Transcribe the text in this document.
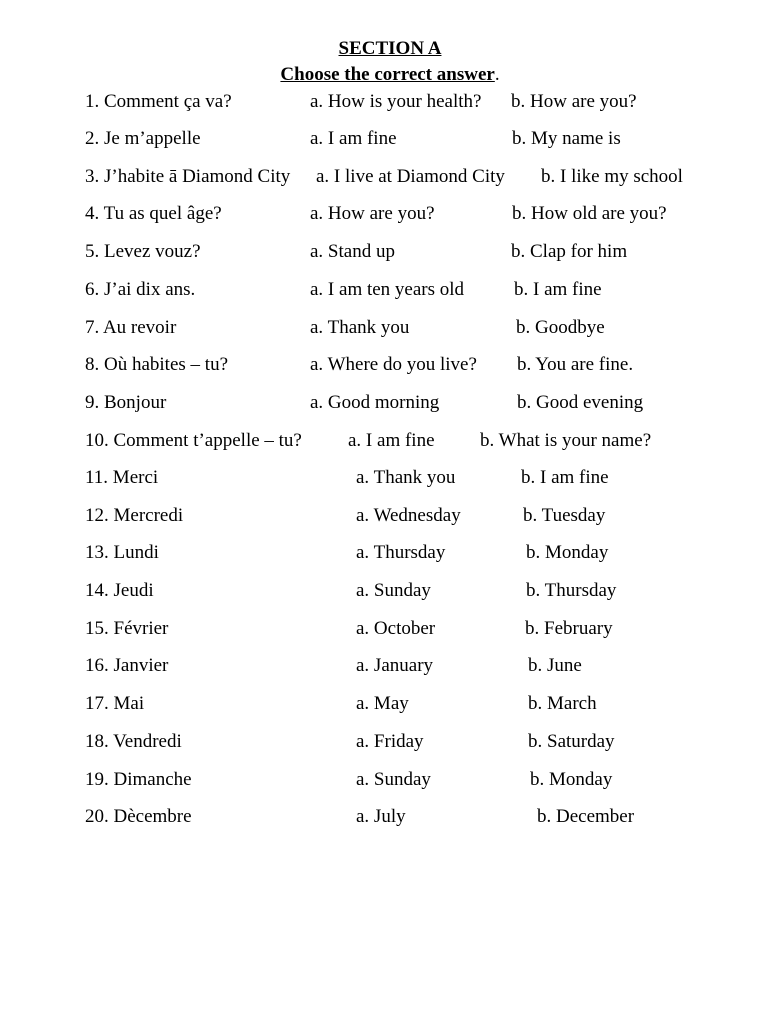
SECTION A
Choose the correct answer.
1. Comment ça va?	a. How is your health? b. How are you?
2. Je m’appelle	a. I am fine	b. My name is
3. J’habite ā Diamond City a. I live at Diamond City b. I like my school
4. Tu as quel âge?	a. How are you?	b. How old are you?
5. Levez vouz?	a. Stand up	b. Clap for him
6. J’ai dix ans.	a. I am ten years old	b. I am fine
7. Au revoir	a. Thank you	b. Goodbye
8. Où habites – tu?	a. Where do you live? b. You are fine.
9. Bonjour	a. Good morning	b. Good evening
10. Comment t’appelle – tu? a. I am fine b. What is your name?
11. Merci	a. Thank you	b. I am fine
12. Mercredi	a. Wednesday	b. Tuesday
13. Lundi	a. Thursday	b. Monday
14. Jeudi	a. Sunday	b. Thursday
15. Février	a. October	b. February
16. Janvier	a. January	b. June
17. Mai	a. May	b. March
18. Vendredi	a. Friday	b. Saturday
19. Dimanche	a. Sunday	b. Monday
20. Dècembre	a. July	b. December
